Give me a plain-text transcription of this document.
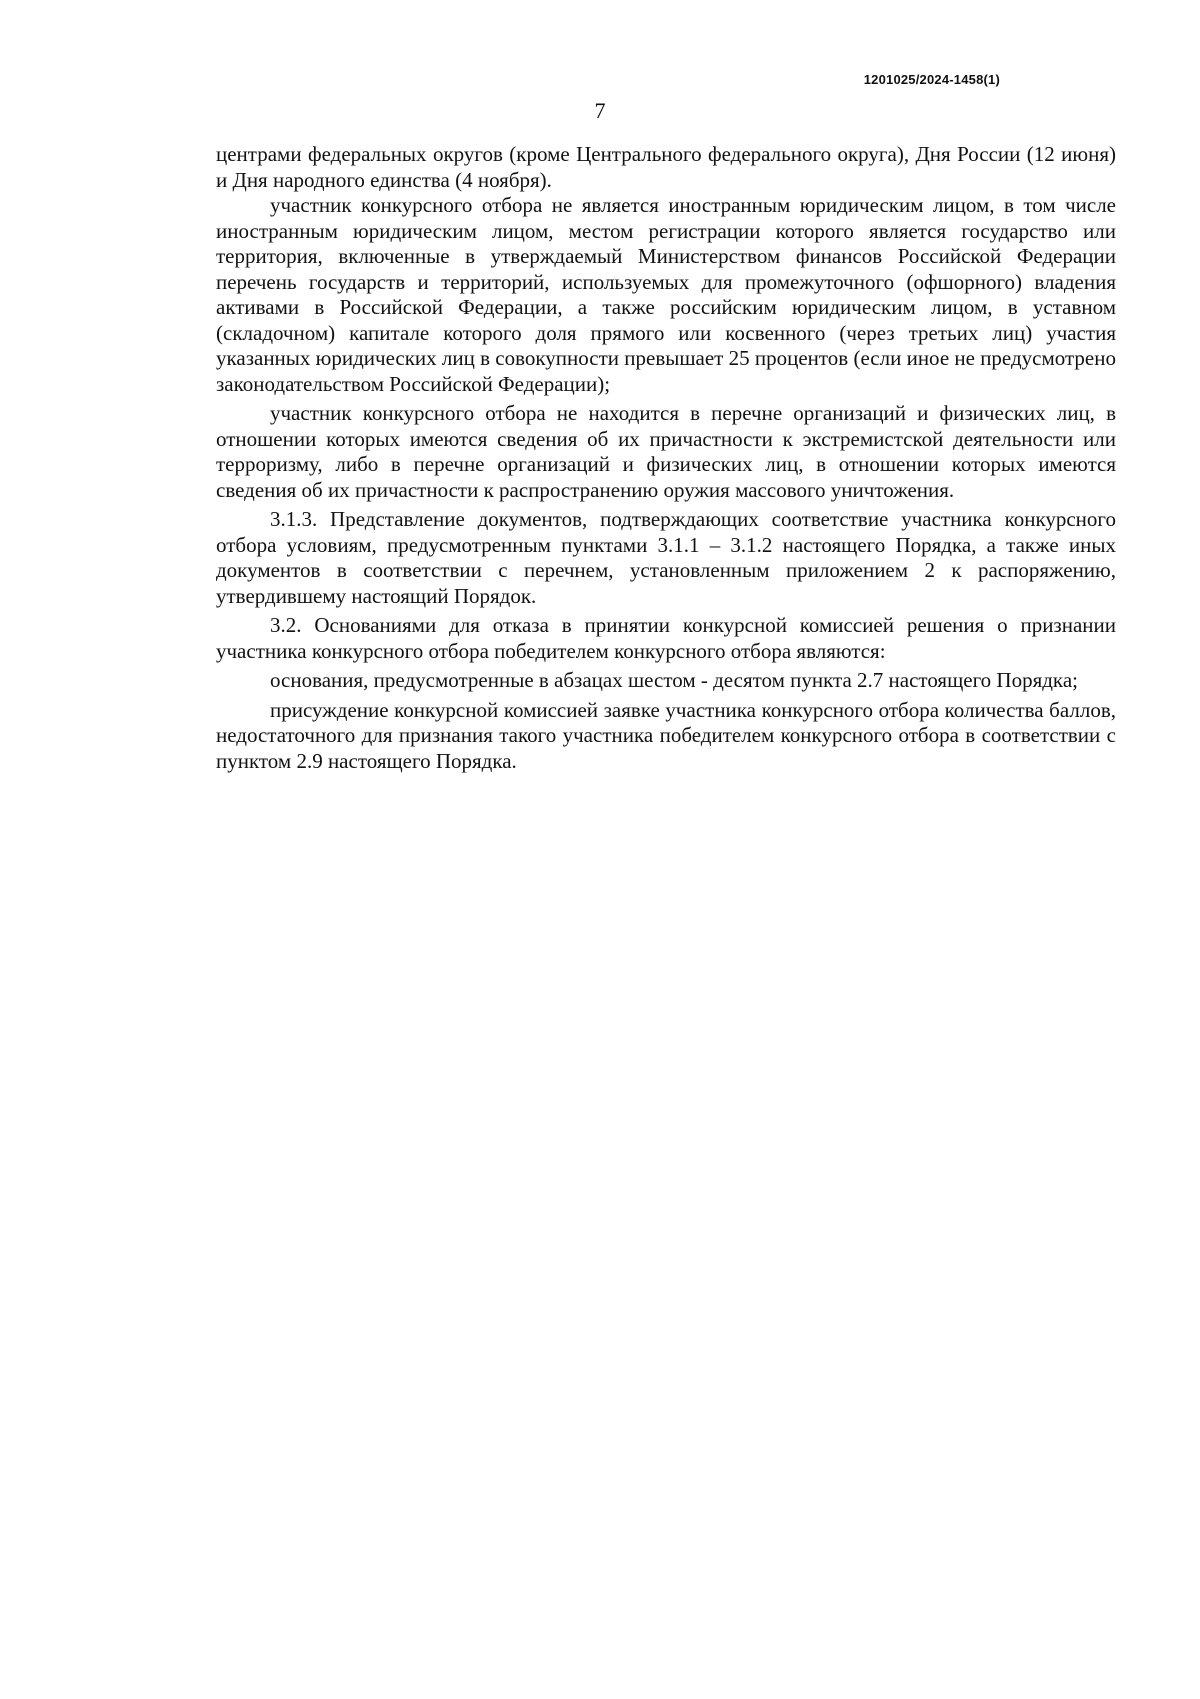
1201025/2024-1458(1)
7

центрами федеральных округов (кроме Центрального федерального округа), Дня России (12 июня) и Дня народного единства (4 ноября).

участник конкурсного отбора не является иностранным юридическим лицом, в том числе иностранным юридическим лицом, местом регистрации которого является государство или территория, включенные в утверждаемый Министерством финансов Российской Федерации перечень государств и территорий, используемых для промежуточного (офшорного) владения активами в Российской Федерации, а также российским юридическим лицом, в уставном (складочном) капитале которого доля прямого или косвенного (через третьих лиц) участия указанных юридических лиц в совокупности превышает 25 процентов (если иное не предусмотрено законодательством Российской Федерации);

участник конкурсного отбора не находится в перечне организаций и физических лиц, в отношении которых имеются сведения об их причастности к экстремистской деятельности или терроризму, либо в перечне организаций и физических лиц, в отношении которых имеются сведения об их причастности к распространению оружия массового уничтожения.

3.1.3. Представление документов, подтверждающих соответствие участника конкурсного отбора условиям, предусмотренным пунктами 3.1.1 – 3.1.2 настоящего Порядка, а также иных документов в соответствии с перечнем, установленным приложением 2 к распоряжению, утвердившему настоящий Порядок.

3.2. Основаниями для отказа в принятии конкурсной комиссией решения о признании участника конкурсного отбора победителем конкурсного отбора являются:

основания, предусмотренные в абзацах шестом - десятом пункта 2.7 настоящего Порядка;

присуждение конкурсной комиссией заявке участника конкурсного отбора количества баллов, недостаточного для признания такого участника победителем конкурсного отбора в соответствии с пунктом 2.9 настоящего Порядка.
